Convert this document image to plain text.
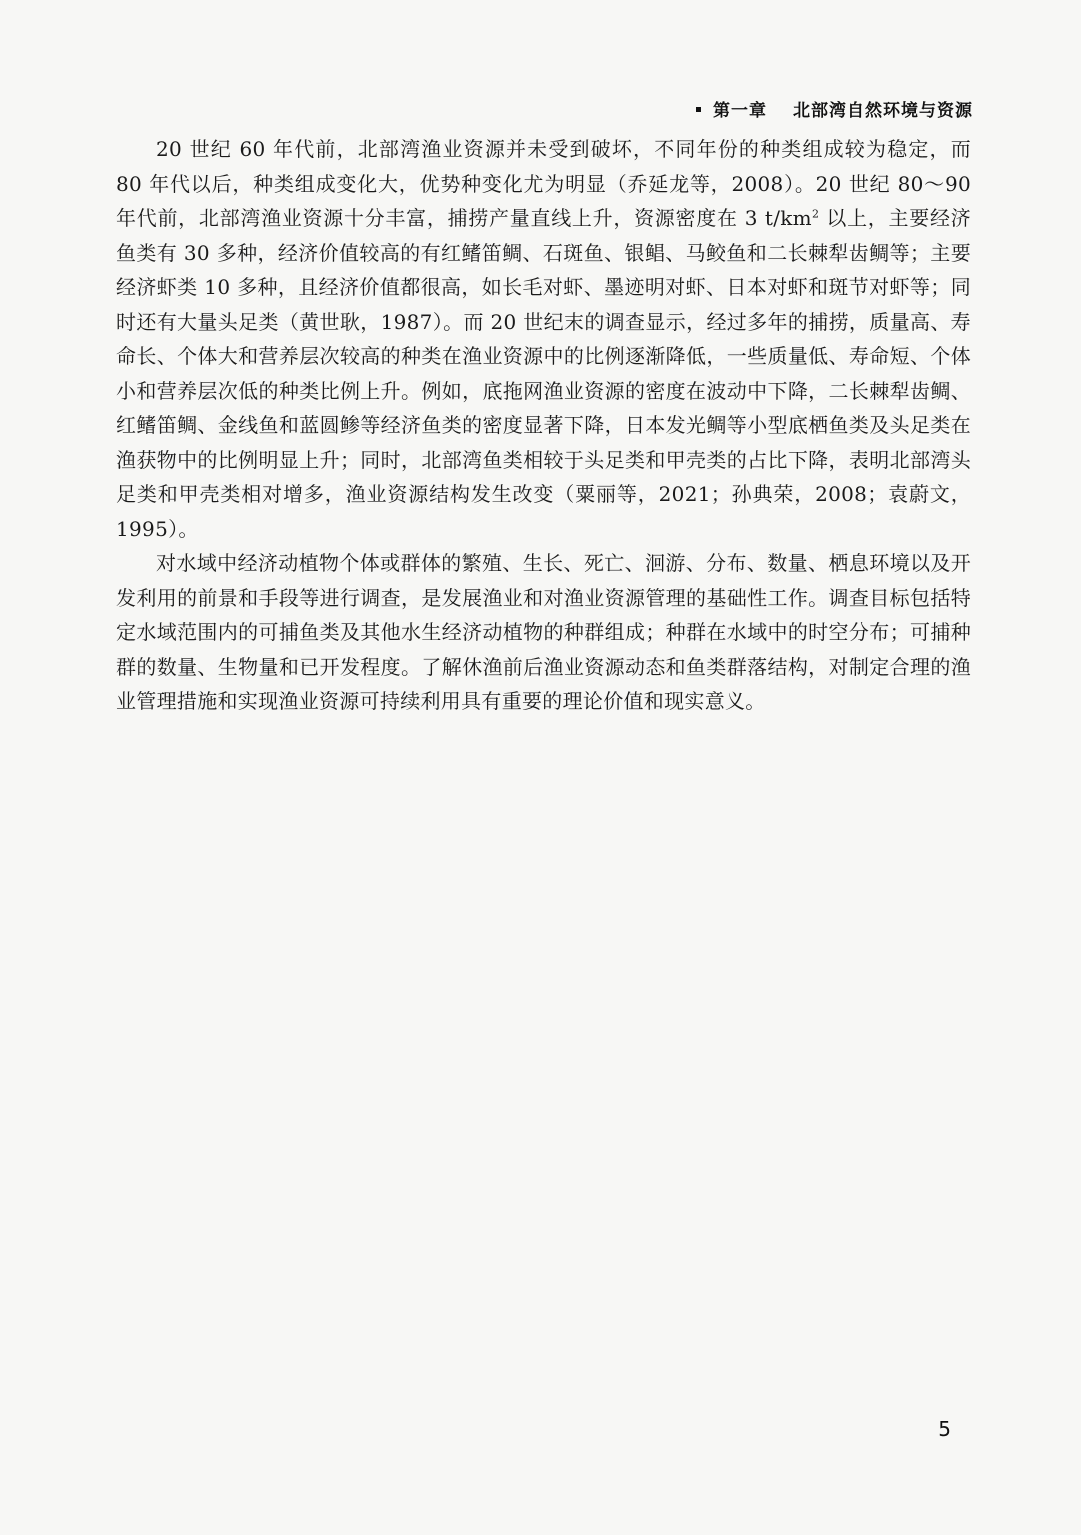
第一章 北部湾自然环境与资源

20 世纪 60 年代前，北部湾渔业资源并未受到破坏，不同年份的种类组成较为稳定，而 80 年代以后，种类组成变化大，优势种变化尤为明显（乔延龙等，2008）。20 世纪 80～90 年代前，北部湾渔业资源十分丰富，捕捞产量直线上升，资源密度在 3 $t/km^2$ 以上，主要经济鱼类有 30 多种，经济价值较高的有红鳍笛鲷、石斑鱼、银鲳、马鲛鱼和二长棘犁齿鲷等；主要经济虾类 10 多种，且经济价值都很高，如长毛对虾、墨迹明对虾、日本对虾和斑节对虾等；同时还有大量头足类（黄世耿，1987）。而 20 世纪末的调查显示，经过多年的捕捞，质量高、寿命长、个体大和营养层次较高的种类在渔业资源中的比例逐渐降低，一些质量低、寿命短、个体小和营养层次低的种类比例上升。例如，底拖网渔业资源的密度在波动中下降，二长棘犁齿鲷、红鳍笛鲷、金线鱼和蓝圆鲹等经济鱼类的密度显著下降，日本发光鲷等小型底栖鱼类及头足类在渔获物中的比例明显上升；同时，北部湾鱼类相较于头足类和甲壳类的占比下降，表明北部湾头足类和甲壳类相对增多，渔业资源结构发生改变（粟丽等，2021；孙典荣，2008；袁蔚文，1995）。

对水域中经济动植物个体或群体的繁殖、生长、死亡、洄游、分布、数量、栖息环境以及开发利用的前景和手段等进行调查，是发展渔业和对渔业资源管理的基础性工作。调查目标包括特定水域范围内的可捕鱼类及其他水生经济动植物的种群组成；种群在水域中的时空分布；可捕种群的数量、生物量和已开发程度。了解休渔前后渔业资源动态和鱼类群落结构，对制定合理的渔业管理措施和实现渔业资源可持续利用具有重要的理论价值和现实意义。

5
